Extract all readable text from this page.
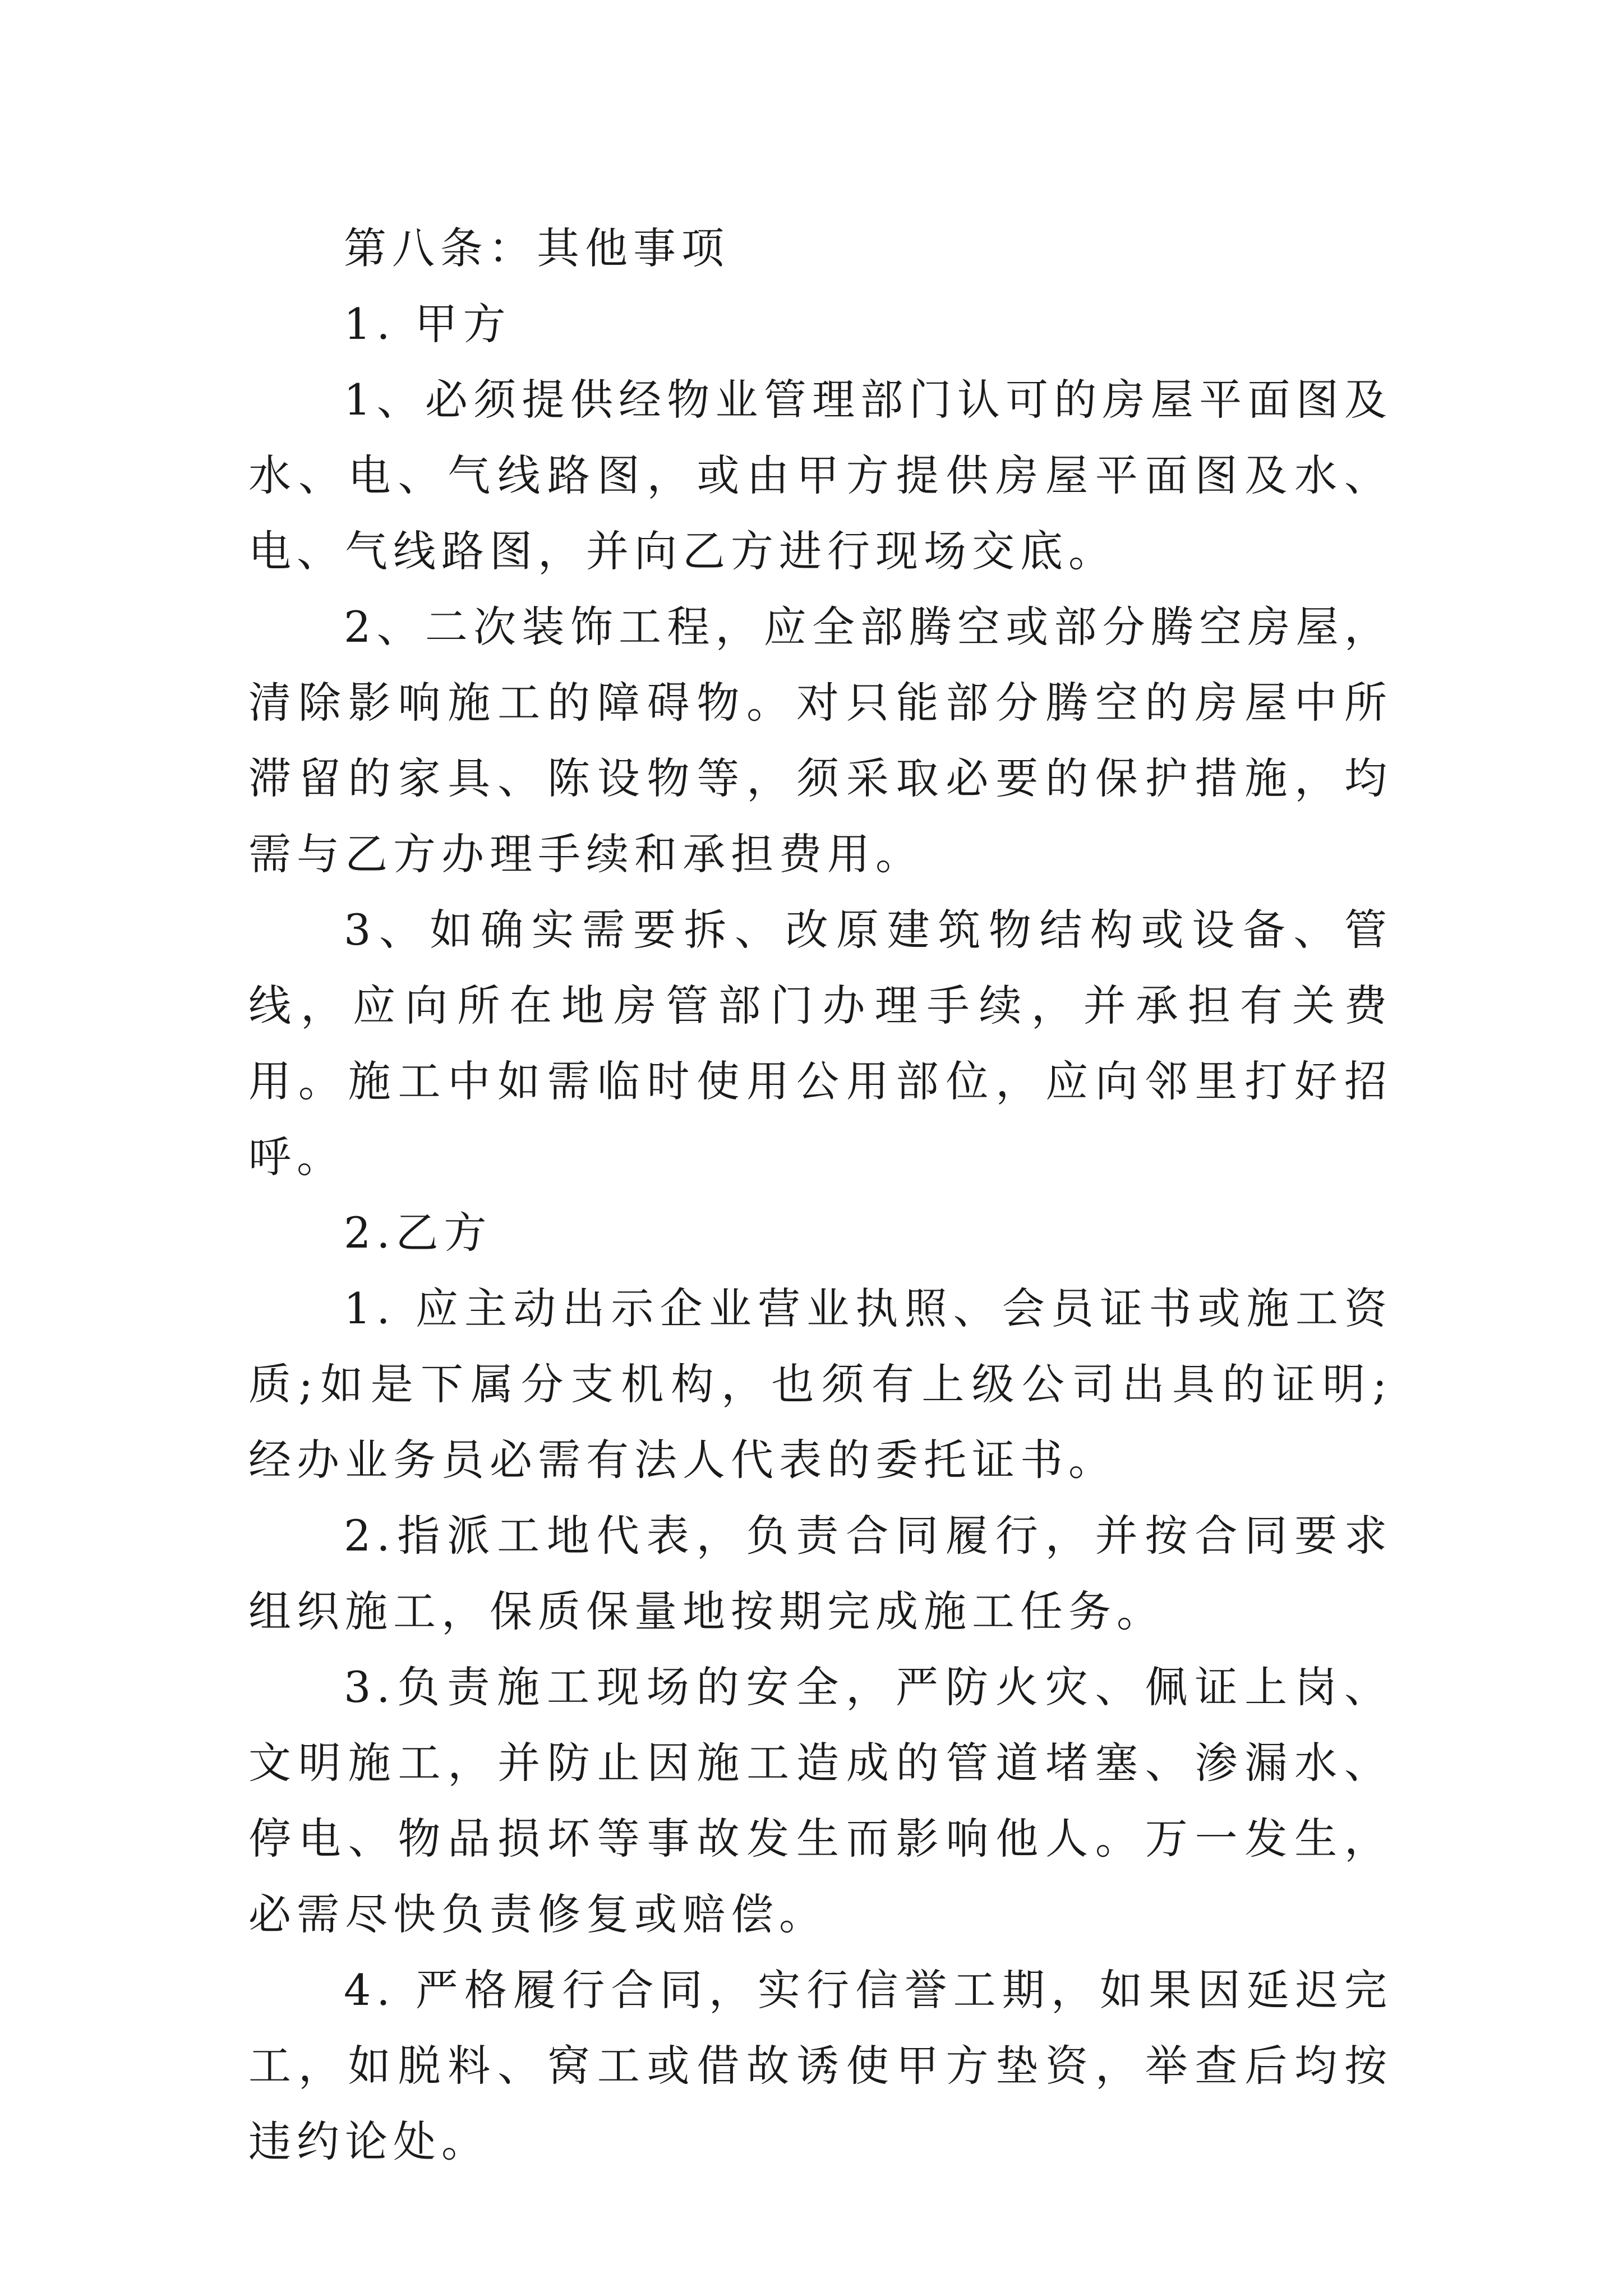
第八条：其他事项

1. 甲方

1、必须提供经物业管理部门认可的房屋平面图及水、电、气线路图，或由甲方提供房屋平面图及水、电、气线路图，并向乙方进行现场交底。

2、二次装饰工程，应全部腾空或部分腾空房屋，清除影响施工的障碍物。对只能部分腾空的房屋中所滞留的家具、陈设物等，须采取必要的保护措施，均需与乙方办理手续和承担费用。

3、如确实需要拆、改原建筑物结构或设备、管线，应向所在地房管部门办理手续，并承担有关费用。施工中如需临时使用公用部位，应向邻里打好招呼。

2.乙方

1. 应主动出示企业营业执照、会员证书或施工资质;如是下属分支机构，也须有上级公司出具的证明;经办业务员必需有法人代表的委托证书。

2.指派工地代表，负责合同履行，并按合同要求组织施工，保质保量地按期完成施工任务。

3.负责施工现场的安全，严防火灾、佩证上岗、文明施工，并防止因施工造成的管道堵塞、渗漏水、停电、物品损坏等事故发生而影响他人。万一发生，必需尽快负责修复或赔偿。

4. 严格履行合同，实行信誉工期，如果因延迟完工，如脱料、窝工或借故诱使甲方垫资，举查后均按违约论处。
